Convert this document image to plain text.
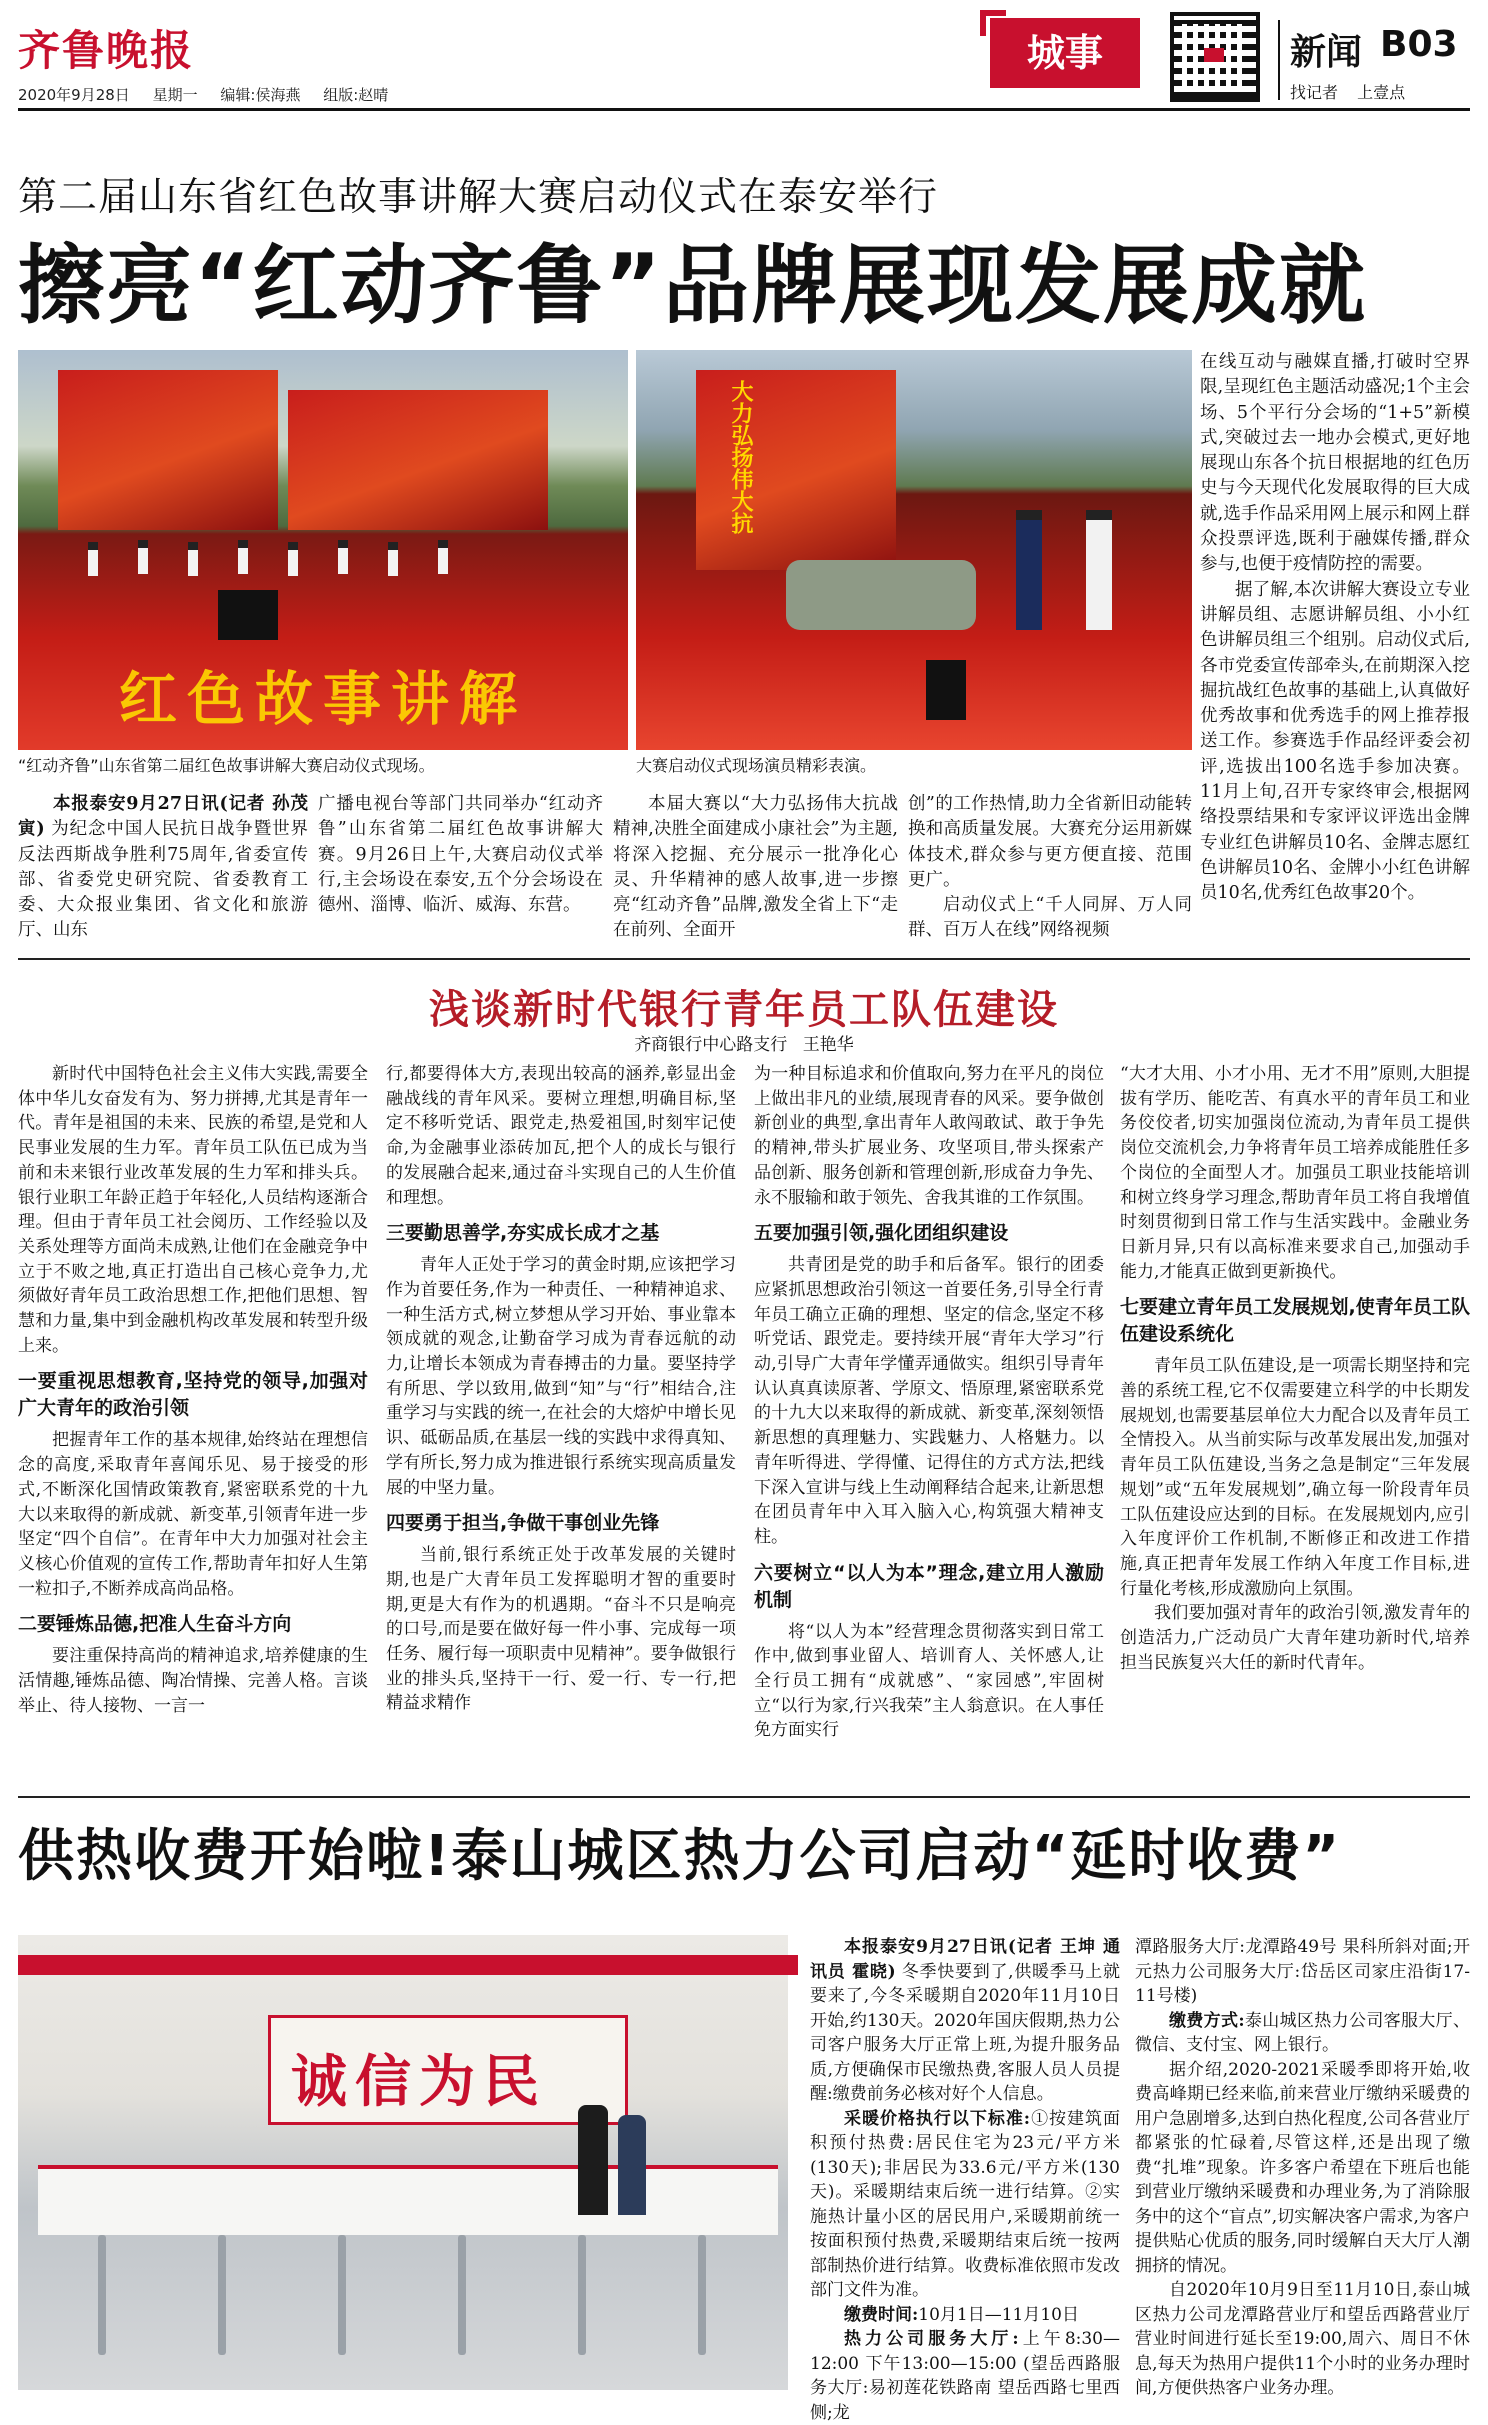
齐鲁晚报
2020年9月28日 星期一 编辑:侯海燕 组版:赵晴
城事	新闻 B03
找记者 上壹点
第二届山东省红色故事讲解大赛启动仪式在泰安举行
擦亮“红动齐鲁”品牌展现发展成就
红色故事讲解
“红动齐鲁”山东省第二届红色故事讲解大赛启动仪式现场。
大力弘扬伟大抗
大赛启动仪式现场演员精彩表演。

本报泰安9月27日讯(记者 孙茂寅) 为纪念中国人民抗日战争暨世界反法西斯战争胜利75周年,省委宣传部、省委党史研究院、省委教育工委、大众报业集团、省文化和旅游厅、山东

广播电视台等部门共同举办“红动齐鲁”山东省第二届红色故事讲解大赛。9月26日上午,大赛启动仪式举行,主会场设在泰安,五个分会场设在德州、淄博、临沂、威海、东营。

本届大赛以“大力弘扬伟大抗战精神,决胜全面建成小康社会”为主题,将深入挖掘、充分展示一批净化心灵、升华精神的感人故事,进一步擦亮“红动齐鲁”品牌,激发全省上下“走在前列、全面开

创”的工作热情,助力全省新旧动能转换和高质量发展。大赛充分运用新媒体技术,群众参与更方便直接、范围更广。

启动仪式上“千人同屏、万人同群、百万人在线”网络视频

在线互动与融媒直播,打破时空界限,呈现红色主题活动盛况;1个主会场、5个平行分会场的“1+5”新模式,突破过去一地办会模式,更好地展现山东各个抗日根据地的红色历史与今天现代化发展取得的巨大成就,选手作品采用网上展示和网上群众投票评选,既利于融媒传播,群众参与,也便于疫情防控的需要。

据了解,本次讲解大赛设立专业讲解员组、志愿讲解员组、小小红色讲解员组三个组别。启动仪式后,各市党委宣传部牵头,在前期深入挖掘抗战红色故事的基础上,认真做好优秀故事和优秀选手的网上推荐报送工作。参赛选手作品经评委会初评,选拔出100名选手参加决赛。11月上旬,召开专家终审会,根据网络投票结果和专家评议评选出金牌专业红色讲解员10名、金牌志愿红色讲解员10名、金牌小小红色讲解员10名,优秀红色故事20个。

浅谈新时代银行青年员工队伍建设
齐商银行中心路支行 王艳华

新时代中国特色社会主义伟大实践,需要全体中华儿女奋发有为、努力拼搏,尤其是青年一代。青年是祖国的未来、民族的希望,是党和人民事业发展的生力军。青年员工队伍已成为当前和未来银行业改革发展的生力军和排头兵。银行业职工年龄正趋于年轻化,人员结构逐渐合理。但由于青年员工社会阅历、工作经验以及关系处理等方面尚未成熟,让他们在金融竞争中立于不败之地,真正打造出自己核心竞争力,尤须做好青年员工政治思想工作,把他们思想、智慧和力量,集中到金融机构改革发展和转型升级上来。

一要重视思想教育,坚持党的领导,加强对广大青年的政治引领

把握青年工作的基本规律,始终站在理想信念的高度,采取青年喜闻乐见、易于接受的形式,不断深化国情政策教育,紧密联系党的十九大以来取得的新成就、新变革,引领青年进一步坚定“四个自信”。在青年中大力加强对社会主义核心价值观的宣传工作,帮助青年扣好人生第一粒扣子,不断养成高尚品格。

二要锤炼品德,把准人生奋斗方向

要注重保持高尚的精神追求,培养健康的生活情趣,锤炼品德、陶冶情操、完善人格。言谈举止、待人接物、一言一

行,都要得体大方,表现出较高的涵养,彰显出金融战线的青年风采。要树立理想,明确目标,坚定不移听党话、跟党走,热爱祖国,时刻牢记使命,为金融事业添砖加瓦,把个人的成长与银行的发展融合起来,通过奋斗实现自己的人生价值和理想。

三要勤思善学,夯实成长成才之基

青年人正处于学习的黄金时期,应该把学习作为首要任务,作为一种责任、一种精神追求、一种生活方式,树立梦想从学习开始、事业靠本领成就的观念,让勤奋学习成为青春远航的动力,让增长本领成为青春搏击的力量。要坚持学有所思、学以致用,做到“知”与“行”相结合,注重学习与实践的统一,在社会的大熔炉中增长见识、砥砺品质,在基层一线的实践中求得真知、学有所长,努力成为推进银行系统实现高质量发展的中坚力量。

四要勇于担当,争做干事创业先锋

当前,银行系统正处于改革发展的关键时期,也是广大青年员工发挥聪明才智的重要时期,更是大有作为的机遇期。“奋斗不只是响亮的口号,而是要在做好每一件小事、完成每一项任务、履行每一项职责中见精神”。要争做银行业的排头兵,坚持干一行、爱一行、专一行,把精益求精作

为一种目标追求和价值取向,努力在平凡的岗位上做出非凡的业绩,展现青春的风采。要争做创新创业的典型,拿出青年人敢闯敢试、敢于争先的精神,带头扩展业务、攻坚项目,带头探索产品创新、服务创新和管理创新,形成奋力争先、永不服输和敢于领先、舍我其谁的工作氛围。

五要加强引领,强化团组织建设

共青团是党的助手和后备军。银行的团委应紧抓思想政治引领这一首要任务,引导全行青年员工确立正确的理想、坚定的信念,坚定不移听党话、跟党走。要持续开展“青年大学习”行动,引导广大青年学懂弄通做实。组织引导青年认认真真读原著、学原文、悟原理,紧密联系党的十九大以来取得的新成就、新变革,深刻领悟新思想的真理魅力、实践魅力、人格魅力。以青年听得进、学得懂、记得住的方式方法,把线下深入宣讲与线上生动阐释结合起来,让新思想在团员青年中入耳入脑入心,构筑强大精神支柱。

六要树立“以人为本”理念,建立用人激励机制

将“以人为本”经营理念贯彻落实到日常工作中,做到事业留人、培训育人、关怀感人,让全行员工拥有“成就感”、“家园感”,牢固树立“以行为家,行兴我荣”主人翁意识。在人事任免方面实行

“大才大用、小才小用、无才不用”原则,大胆提拔有学历、能吃苦、有真水平的青年员工和业务佼佼者,切实加强岗位流动,为青年员工提供岗位交流机会,力争将青年员工培养成能胜任多个岗位的全面型人才。加强员工职业技能培训和树立终身学习理念,帮助青年员工将自我增值时刻贯彻到日常工作与生活实践中。金融业务日新月异,只有以高标准来要求自己,加强动手能力,才能真正做到更新换代。

七要建立青年员工发展规划,使青年员工队伍建设系统化

青年员工队伍建设,是一项需长期坚持和完善的系统工程,它不仅需要建立科学的中长期发展规划,也需要基层单位大力配合以及青年员工全情投入。从当前实际与改革发展出发,加强对青年员工队伍建设,当务之急是制定“三年发展规划”或“五年发展规划”,确立每一阶段青年员工队伍建设应达到的目标。在发展规划内,应引入年度评价工作机制,不断修正和改进工作措施,真正把青年发展工作纳入年度工作目标,进行量化考核,形成激励向上氛围。

我们要加强对青年的政治引领,激发青年的创造活力,广泛动员广大青年建功新时代,培养担当民族复兴大任的新时代青年。

供热收费开始啦!泰山城区热力公司启动“延时收费”
诚信为民

本报泰安9月27日讯(记者 王坤 通讯员 霍晓) 冬季快要到了,供暖季马上就要来了,今冬采暖期自2020年11月10日开始,约130天。2020年国庆假期,热力公司客户服务大厅正常上班,为提升服务品质,方便确保市民缴热费,客服人员人员提醒:缴费前务必核对好个人信息。

采暖价格执行以下标准:①按建筑面积预付热费:居民住宅为23元/平方米(130天);非居民为33.6元/平方米(130天)。采暖期结束后统一进行结算。②实施热计量小区的居民用户,采暖期前统一按面积预付热费,采暖期结束后统一按两部制热价进行结算。收费标准依照市发改部门文件为准。

缴费时间:10月1日—11月10日

热力公司服务大厅:上午8:30—12:00 下午13:00—15:00 (望岳西路服务大厅:易初莲花铁路南 望岳西路七里西侧;龙

潭路服务大厅:龙潭路49号 果科所斜对面;开元热力公司服务大厅:岱岳区司家庄沿街17-11号楼)

缴费方式:泰山城区热力公司客服大厅、微信、支付宝、网上银行。

据介绍,2020-2021采暖季即将开始,收费高峰期已经来临,前来营业厅缴纳采暖费的用户急剧增多,达到白热化程度,公司各营业厅都紧张的忙碌着,尽管这样,还是出现了缴费“扎堆”现象。许多客户希望在下班后也能到营业厅缴纳采暖费和办理业务,为了消除服务中的这个“盲点”,切实解决客户需求,为客户提供贴心优质的服务,同时缓解白天大厅人潮拥挤的情况。

自2020年10月9日至11月10日,泰山城区热力公司龙潭路营业厅和望岳西路营业厅营业时间进行延长至19:00,周六、周日不休息,每天为热用户提供11个小时的业务办理时间,方便供热客户业务办理。
